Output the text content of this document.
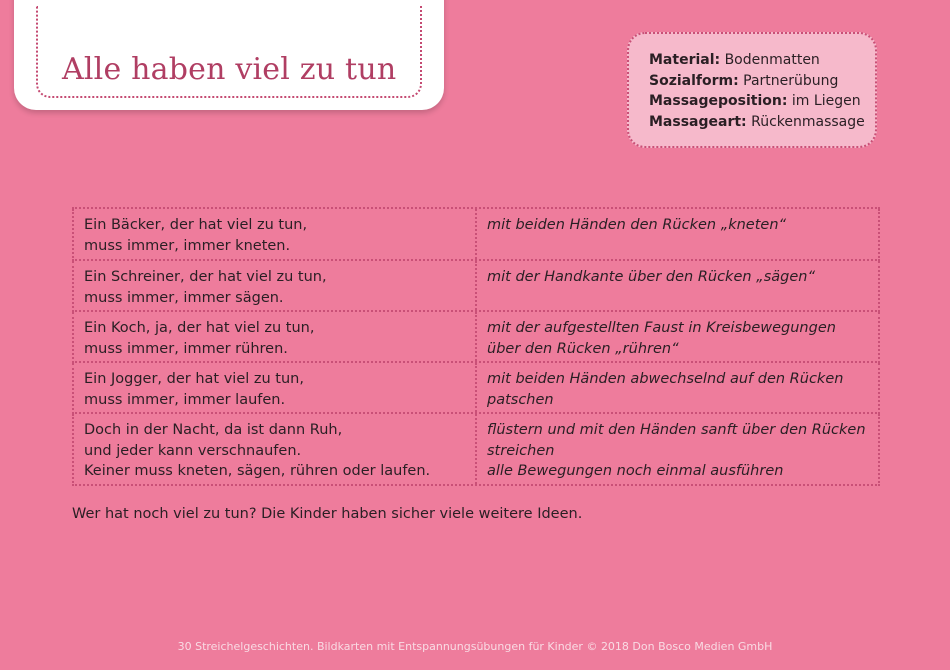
Alle haben viel zu tun	Material: Bodenmatten
Sozialform: Partnerübung
Massageposition: im Liegen
Massageart: Rückenmassage
Ein Bäcker, der hat viel zu tun,
muss immer, immer kneten.
mit beiden Händen den Rücken „kneten“
Ein Schreiner, der hat viel zu tun,
muss immer, immer sägen.
mit der Handkante über den Rücken „sägen“
Ein Koch, ja, der hat viel zu tun,
muss immer, immer rühren.
mit der aufgestellten Faust in Kreisbewegungen über den Rücken „rühren“
Ein Jogger, der hat viel zu tun,
muss immer, immer laufen.
mit beiden Händen abwechselnd auf den Rücken patschen
Doch in der Nacht, da ist dann Ruh,
und jeder kann verschnaufen.
Keiner muss kneten, sägen, rühren oder laufen.
flüstern und mit den Händen sanft über den Rücken streichen
alle Bewegungen noch einmal ausführen
Wer hat noch viel zu tun? Die Kinder haben sicher viele weitere Ideen.
30 Streichelgeschichten. Bildkarten mit Entspannungsübungen für Kinder © 2018 Don Bosco Medien GmbH
